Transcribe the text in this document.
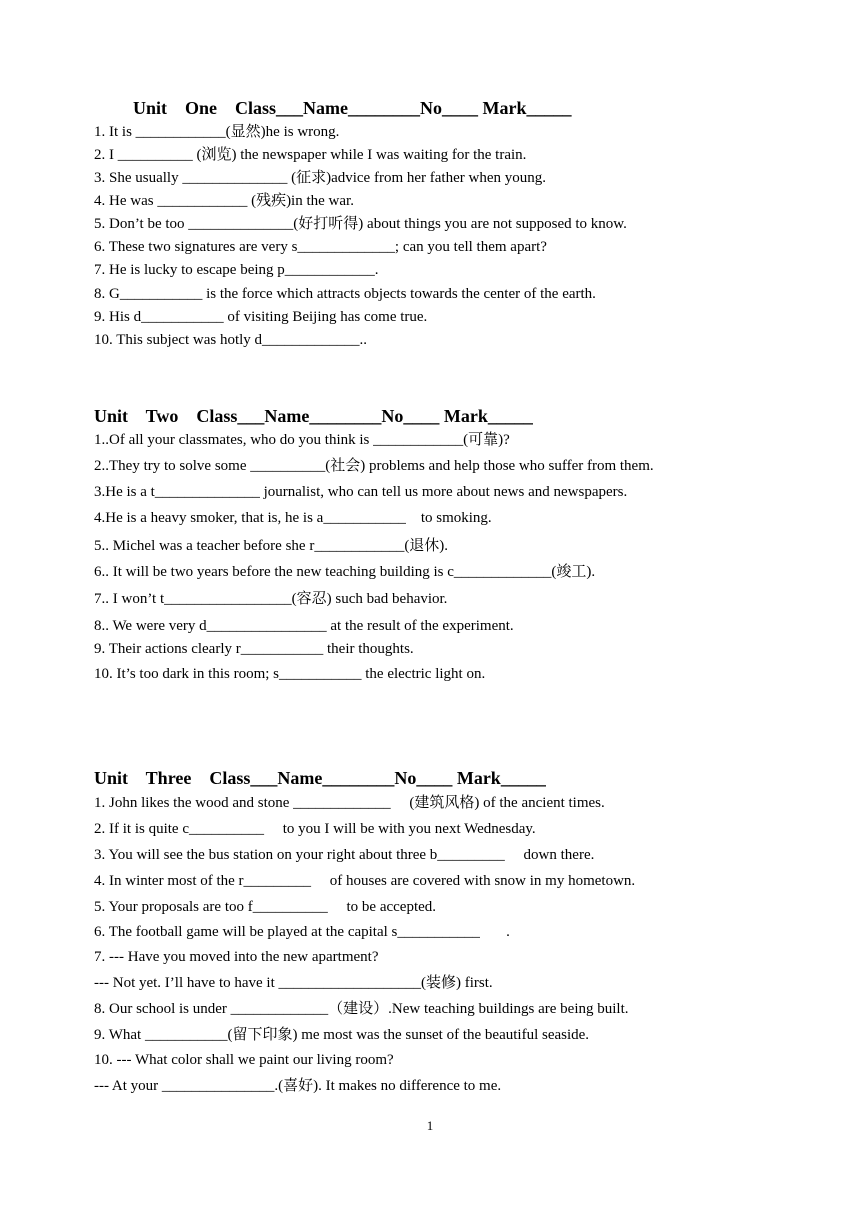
Unit    One    Class___Name________No____ Mark_____
1. It is ____________(显然)he is wrong.
2. I __________ (浏览) the newspaper while I was waiting for the train.
3. She usually ______________ (征求)advice from her father when young.
4. He was ____________ (残疾)in the war.
5. Don’t be too ______________(好打听得) about things you are not supposed to know.
6. These two signatures are very s_____________; can you tell them apart?
7. He is lucky to escape being p____________.
8. G___________ is the force which attracts objects towards the center of the earth.
9. His d___________ of visiting Beijing has come true.
10. This subject was hotly d_____________..
Unit    Two    Class___Name________No____ Mark_____
1..Of all your classmates, who do you think is ____________(可靠)?
2..They try to solve some __________(社会) problems and help those who suffer from them.
3.He is a t______________ journalist, who can tell us more about news and newspapers.
4.He is a heavy smoker, that is, he is a___________    to smoking.
5.. Michel was a teacher before she r____________(退休).
6.. It will be two years before the new teaching building is c_____________(竣工).
7.. I won’t t_________________(容忍) such bad behavior.
8.. We were very d________________ at the result of the experiment.
9. Their actions clearly r___________ their thoughts.
10. It’s too dark in this room; s___________ the electric light on.
Unit    Three    Class___Name________No____ Mark_____
1. John likes the wood and stone _____________     (建筑风格) of the ancient times.
2. If it is quite c__________     to you I will be with you next Wednesday.
3. You will see the bus station on your right about three b_________     down there.
4. In winter most of the r_________     of houses are covered with snow in my hometown.
5. Your proposals are too f__________     to be accepted.
6. The football game will be played at the capital s___________       .
7. --- Have you moved into the new apartment?
--- Not yet. I’ll have to have it ___________________(装修) first.
8. Our school is under _____________（建设）.New teaching buildings are being built.
9. What ___________(留下印象) me most was the sunset of the beautiful seaside.
10. --- What color shall we paint our living room?
--- At your _______________.(喜好). It makes no difference to me.
1
